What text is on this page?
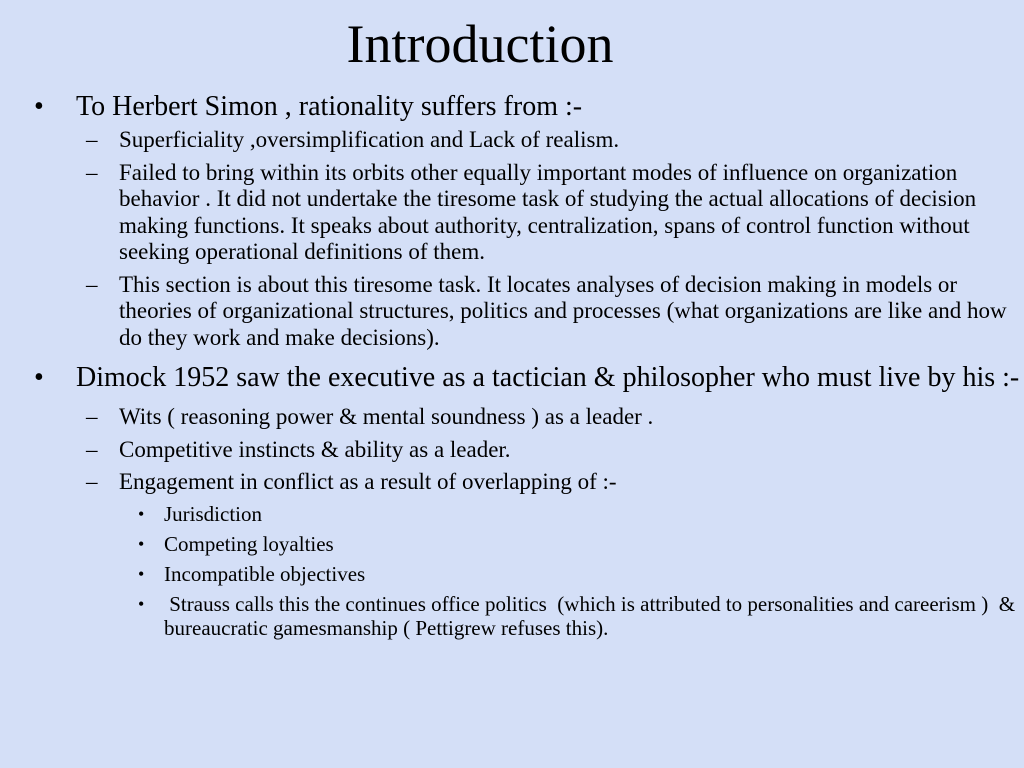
Introduction
• To Herbert Simon , rationality suffers from :-
– Superficiality ,oversimplification and Lack of realism.
– Failed to bring within its orbits other equally important modes of influence on organization behavior . It did not undertake the tiresome task of studying the actual allocations of decision making functions. It speaks about authority, centralization, spans of control function without seeking operational definitions of them.
– This section is about this tiresome task. It locates analyses of decision making in models or theories of organizational structures, politics and processes (what organizations are like and how do they work and make decisions).
• Dimock 1952 saw the executive as a tactician & philosopher who must live by his :-
– Wits ( reasoning power & mental soundness ) as a leader .
– Competitive instincts & ability as a leader.
– Engagement in conflict as a result of overlapping of :-
• Jurisdiction
• Competing loyalties
• Incompatible objectives
• Strauss calls this the continues office politics  (which is attributed to personalities and careerism )  & bureaucratic gamesmanship ( Pettigrew refuses this).
